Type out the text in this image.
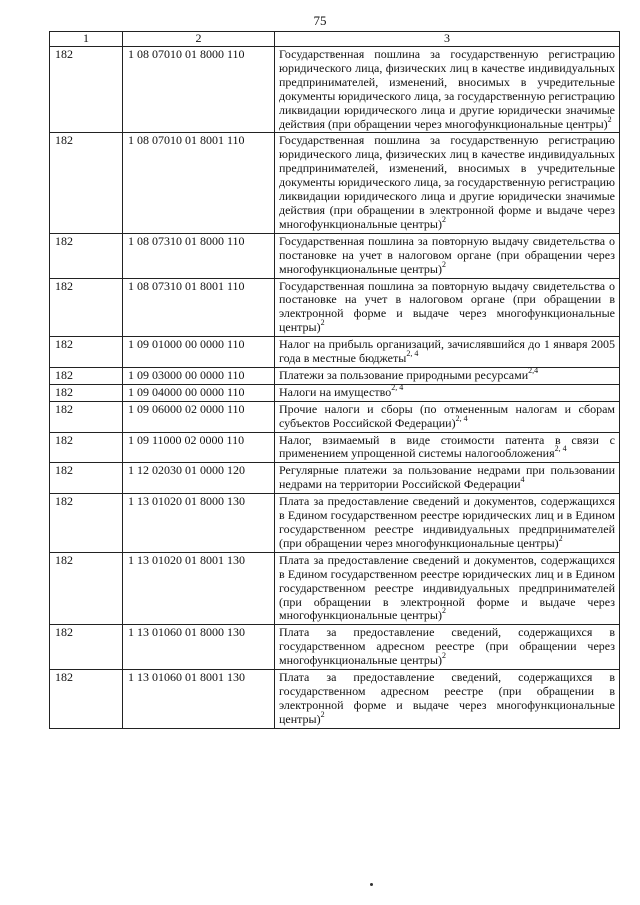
75
1	2	3
182	1 08 07010 01 8000 110	Государственная пошлина за государственную регистрацию юридического лица, физических лиц в качестве индивидуальных предпринимателей, изменений, вносимых в учредительные документы юридического лица, за государственную регистрацию ликвидации юридического лица и другие юридически значимые действия (при обращении через многофункциональные центры)$^2$
182	1 08 07010 01 8001 110	Государственная пошлина за государственную регистрацию юридического лица, физических лиц в качестве индивидуальных предпринимателей, изменений, вносимых в учредительные документы юридического лица, за государственную регистрацию ликвидации юридического лица и другие юридически значимые действия (при обращении в электронной форме и выдаче через многофункциональные центры)$^2$
182	1 08 07310 01 8000 110	Государственная пошлина за повторную выдачу свидетельства о постановке на учет в налоговом органе (при обращении через многофункциональные центры)$^2$
182	1 08 07310 01 8001 110	Государственная пошлина за повторную выдачу свидетельства о постановке на учет в налоговом органе (при обращении в электронной форме и выдаче через многофункциональные центры)$^2$
182	1 09 01000 00 0000 110	Налог на прибыль организаций, зачислявшийся до 1 января 2005 года в местные бюджеты$^{2, 4}$
182	1 09 03000 00 0000 110	Платежи за пользование природными ресурсами$^{2,4}$
182	1 09 04000 00 0000 110	Налоги на имущество$^{2, 4}$
182	1 09 06000 02 0000 110	Прочие налоги и сборы (по отмененным налогам и сборам субъектов Российской Федерации)$^{2, 4}$
182	1 09 11000 02 0000 110	Налог, взимаемый в виде стоимости патента в связи с применением упрощенной системы налогообложения$^{2, 4}$
182	1 12 02030 01 0000 120	Регулярные платежи за пользование недрами при пользовании недрами на территории Российской Федерации$^4$
182	1 13 01020 01 8000 130	Плата за предоставление сведений и документов, содержащихся в Едином государственном реестре юридических лиц и в Едином государственном реестре индивидуальных предпринимателей (при обращении через многофункциональные центры)$^2$
182	1 13 01020 01 8001 130	Плата за предоставление сведений и документов, содержащихся в Едином государственном реестре юридических лиц и в Едином государственном реестре индивидуальных предпринимателей (при обращении в электронной форме и выдаче через многофункциональные центры)$^2$
182	1 13 01060 01 8000 130	Плата за предоставление сведений, содержащихся в государственном адресном реестре (при обращении через многофункциональные центры)$^2$
182	1 13 01060 01 8001 130	Плата за предоставление сведений, содержащихся в государственном адресном реестре (при обращении в электронной форме и выдаче через многофункциональные центры)$^2$
